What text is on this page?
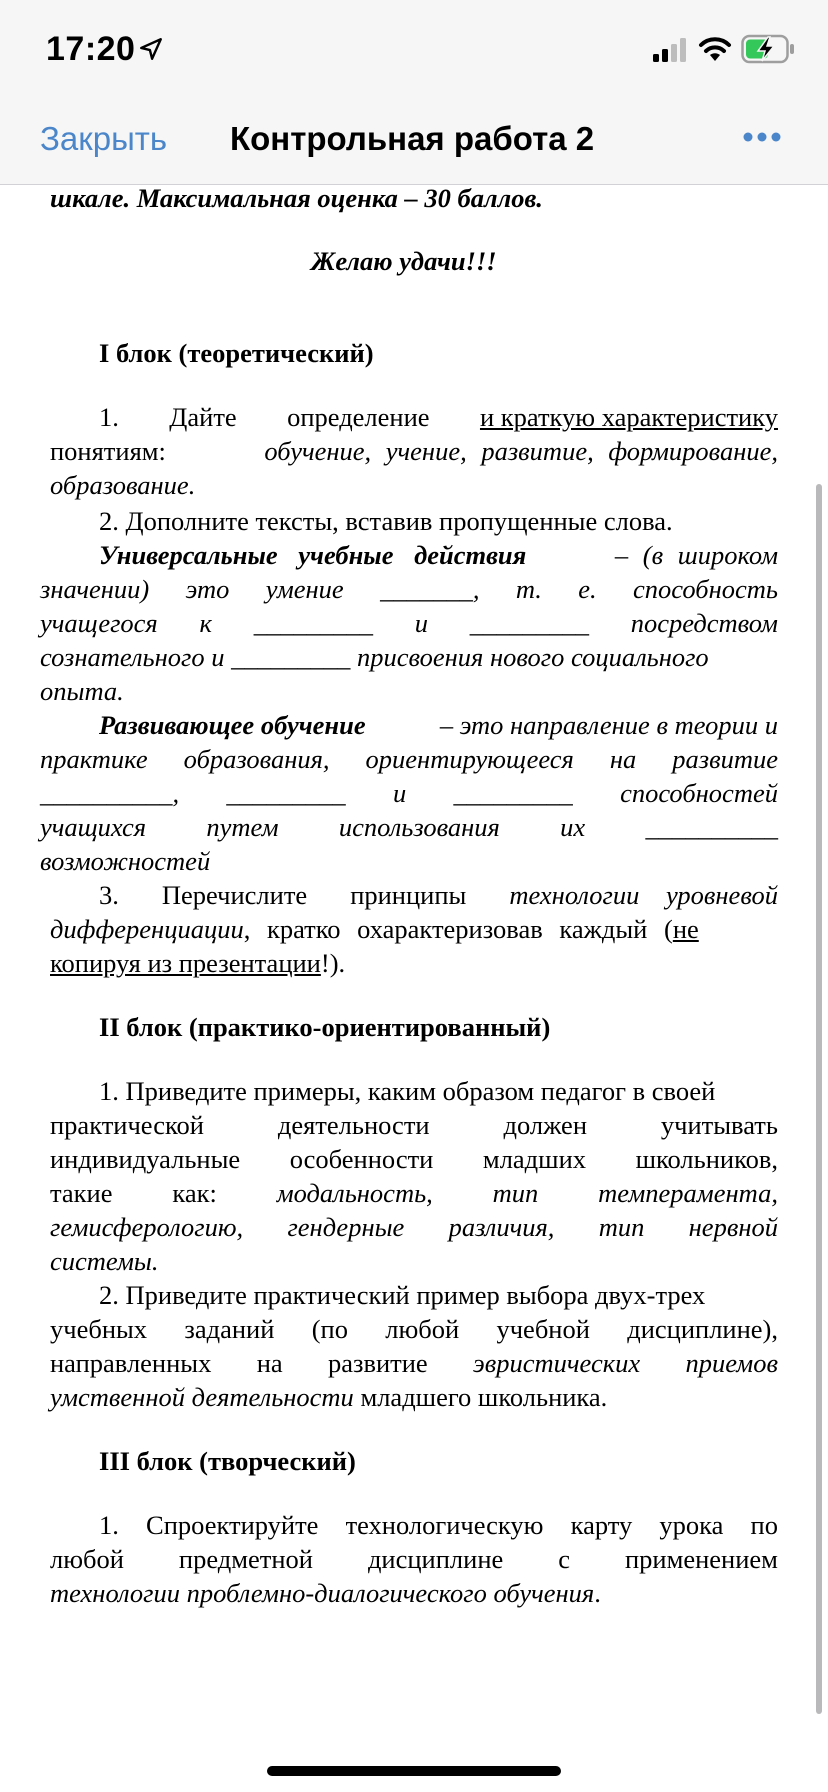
17:20
Закрыть Контрольная работа 2
шкале. Максимальная оценка – 30 баллов.
Желаю удачи!!!
I блок (теоретический)
1. Дайте определение и краткую характеристику
понятиям:	обучение, учение, развитие, формирование,
образование.
2. Дополните тексты, вставив пропущенные слова.
Универсальные учебные действия	– (в широком
значении) это умение _______, т. е. способность
учащегося к _________ и _________ посредством
сознательного и _________ присвоения нового социального
опыта.
Развивающее обучение	– это направление в теории и
практике образования, ориентирующееся на развитие
__________, _________ и _________ способностей
учащихся путем использования их __________
возможностей
3. Перечислите принципы технологии уровневой
дифференциации, кратко охарактеризовав каждый (не
копируя из презентации!).
II блок (практико-ориентированный)
1. Приведите примеры, каким образом педагог в своей
практической	деятельности	должен	учитывать
индивидуальные особенности младших школьников,
такие как: модальность, тип темперамента,
гемисферологию, гендерные различия, тип нервной
системы.
2. Приведите практический пример выбора двух-трех
учебных заданий (по любой учебной дисциплине),
направленных на развитие эвристических приемов
умственной деятельности младшего школьника.
III блок (творческий)
1. Спроектируйте технологическую карту урока по
любой предметной дисциплине с применением
технологии проблемно-диалогического обучения.
